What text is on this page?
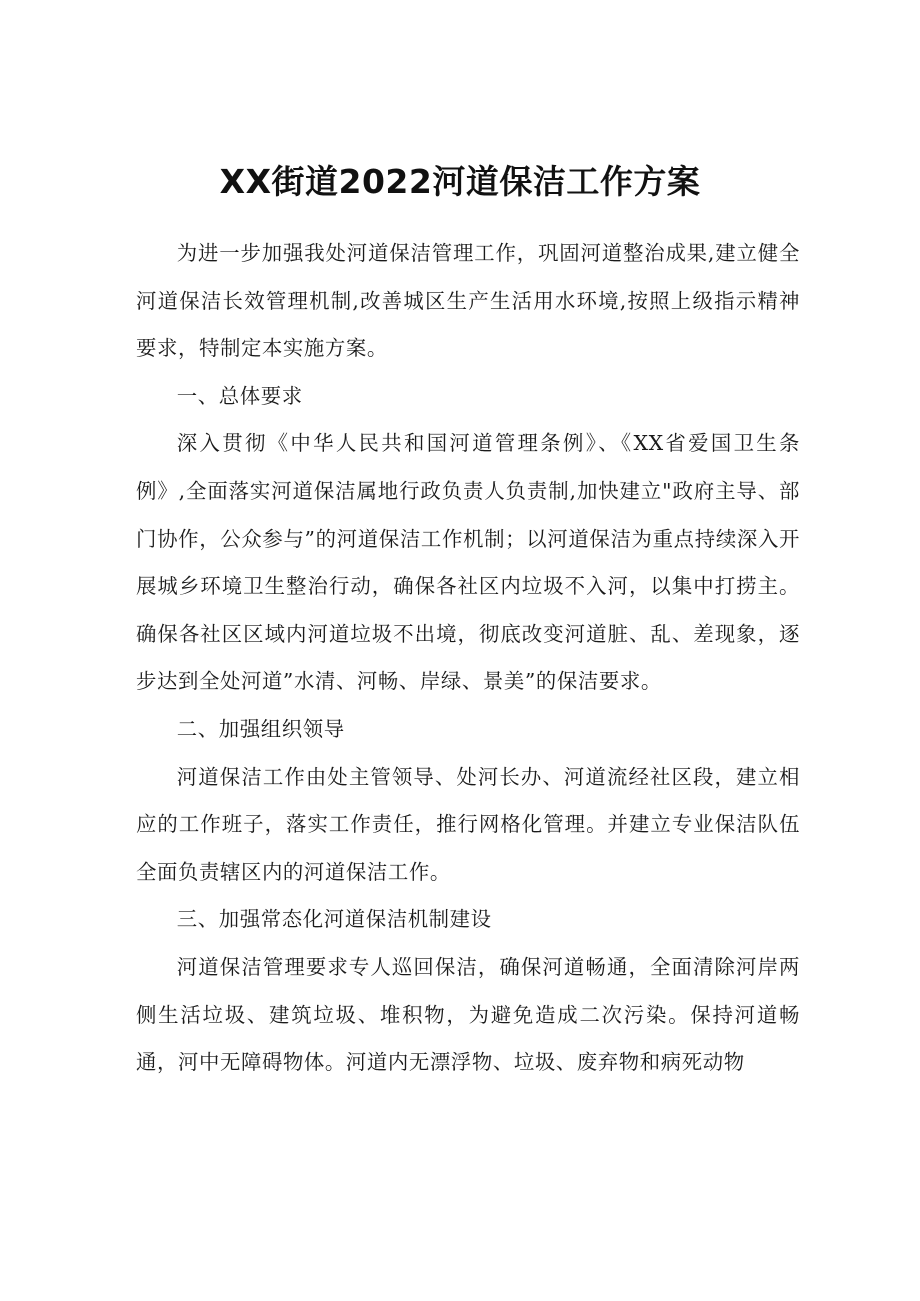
XX街道2022河道保洁工作方案

为进一步加强我处河道保洁管理工作，巩固河道整治成果,建立健全河道保洁长效管理机制,改善城区生产生活用水环境,按照上级指示精神要求，特制定本实施方案。

一、总体要求

深入贯彻《中华人民共和国河道管理条例》、《XX省爱国卫生条例》,全面落实河道保洁属地行政负责人负责制,加快建立"政府主导、部门协作，公众参与”的河道保洁工作机制；以河道保洁为重点持续深入开展城乡环境卫生整治行动，确保各社区内垃圾不入河，以集中打捞主。确保各社区区域内河道垃圾不出境，彻底改变河道脏、乱、差现象，逐步达到全处河道”水清、河畅、岸绿、景美”的保洁要求。

二、加强组织领导

河道保洁工作由处主管领导、处河长办、河道流经社区段，建立相应的工作班子，落实工作责任，推行网格化管理。并建立专业保洁队伍全面负责辖区内的河道保洁工作。

三、加强常态化河道保洁机制建设

河道保洁管理要求专人巡回保洁，确保河道畅通，全面清除河岸两侧生活垃圾、建筑垃圾、堆积物，为避免造成二次污染。保持河道畅通，河中无障碍物体。河道内无漂浮物、垃圾、废弃物和病死动物
